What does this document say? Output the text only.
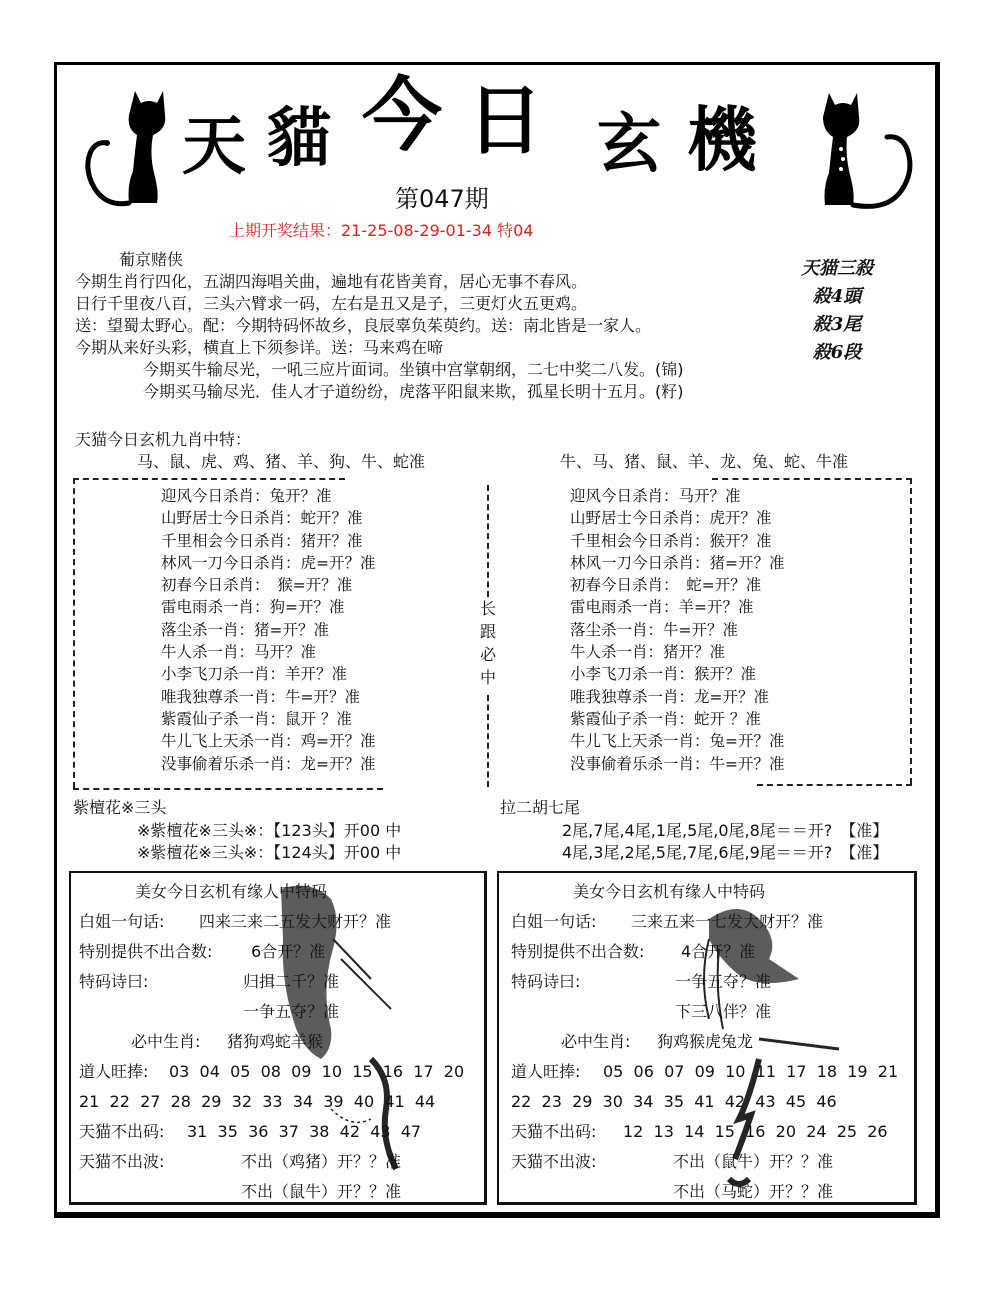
天 貓 今 日 玄 機
第047期
上期开奖结果：21-25-08-29-01-34 特04
葡京赌侠
今期生肖行四化，五湖四海唱关曲，遍地有花皆美育，居心无事不春风。
日行千里夜八百，三头六臂求一码，左右是丑又是子，三更灯火五更鸡。
送：望蜀太野心。配：今期特码怀故乡，良辰辜负茱萸约。送：南北皆是一家人。
今期从来好头彩，横直上下须参详。送：马来鸡在啼
今期买牛输尽光，一吼三应片面词。坐镇中宫掌朝纲，二七中奖二八发。(锦)
今期买马输尽光．佳人才子道纷纷，虎落平阳鼠来欺，孤星长明十五月。(籽)
天猫三殺
殺4頭
殺3尾
殺6段
天猫今日玄机九肖中特：
马、鼠、虎、鸡、猪、羊、狗、牛、蛇准	牛、马、猪、鼠、羊、龙、兔、蛇、牛准
长
跟
必
中
迎风今日杀肖：兔开？准
山野居士今日杀肖：蛇开？准
千里相会今日杀肖：猪开？准
林风一刀今日杀肖：虎=开？准
初春今日杀肖：　猴=开？准
雷电雨杀一肖：狗=开？准
落尘杀一肖：猪=开？准
牛人杀一肖：马开？准
小李飞刀杀一肖：羊开？准
唯我独尊杀一肖：牛=开？准
紫霞仙子杀一肖：鼠开 ？准
牛儿飞上天杀一肖：鸡=开？准
没事偷着乐杀一肖：龙=开？准
迎风今日杀肖：马开？准
山野居士今日杀肖：虎开？准
千里相会今日杀肖：猴开？准
林风一刀今日杀肖：猪=开？准
初春今日杀肖：　蛇=开？准
雷电雨杀一肖：羊=开？准
落尘杀一肖：牛=开？准
牛人杀一肖：猪开？准
小李飞刀杀一肖：猴开？准
唯我独尊杀一肖：龙=开？准
紫霞仙子杀一肖：蛇开 ？准
牛儿飞上天杀一肖：兔=开？准
没事偷着乐杀一肖：牛=开？准
紫檀花※三头
※紫檀花※三头※：【123头】开00 中
※紫檀花※三头※：【124头】开00 中
拉二胡七尾
2尾,7尾,4尾,1尾,5尾,0尾,8尾＝＝开?　【准】
4尾,3尾,2尾,5尾,7尾,6尾,9尾＝＝开?　【准】
美女今日玄机有缘人中特码
白姐一句话: 四来三来二五发大财开？准
特别提供不出合数: 6合开？准
特码诗曰:	归揖二千？准
一争五夺？准
必中生肖: 猪狗鸡蛇羊猴
道人旺捧: 03  04  05  08  09  10  15  16  17  20
21  22  27  28  29  32  33  34  39  40  41  44
天猫不出码: 31  35  36  37  38  42  43  47
天猫不出波:	不出（鸡猪）开？？准
不出（鼠牛）开？？准
美女今日玄机有缘人中特码
白姐一句话: 三来五来一七发大财开？准
特别提供不出合数: 4合开？准
特码诗曰:	一争五夺？准
下三八伴？准
必中生肖: 狗鸡猴虎兔龙
道人旺捧: 05  06  07  09  10  11  17  18  19  21
22  23  29  30  34  35  41  42  43  45  46
天猫不出码: 12  13  14  15  16  20  24  25  26
天猫不出波:	不出（鼠牛）开？？准
不出（马蛇）开？？准
